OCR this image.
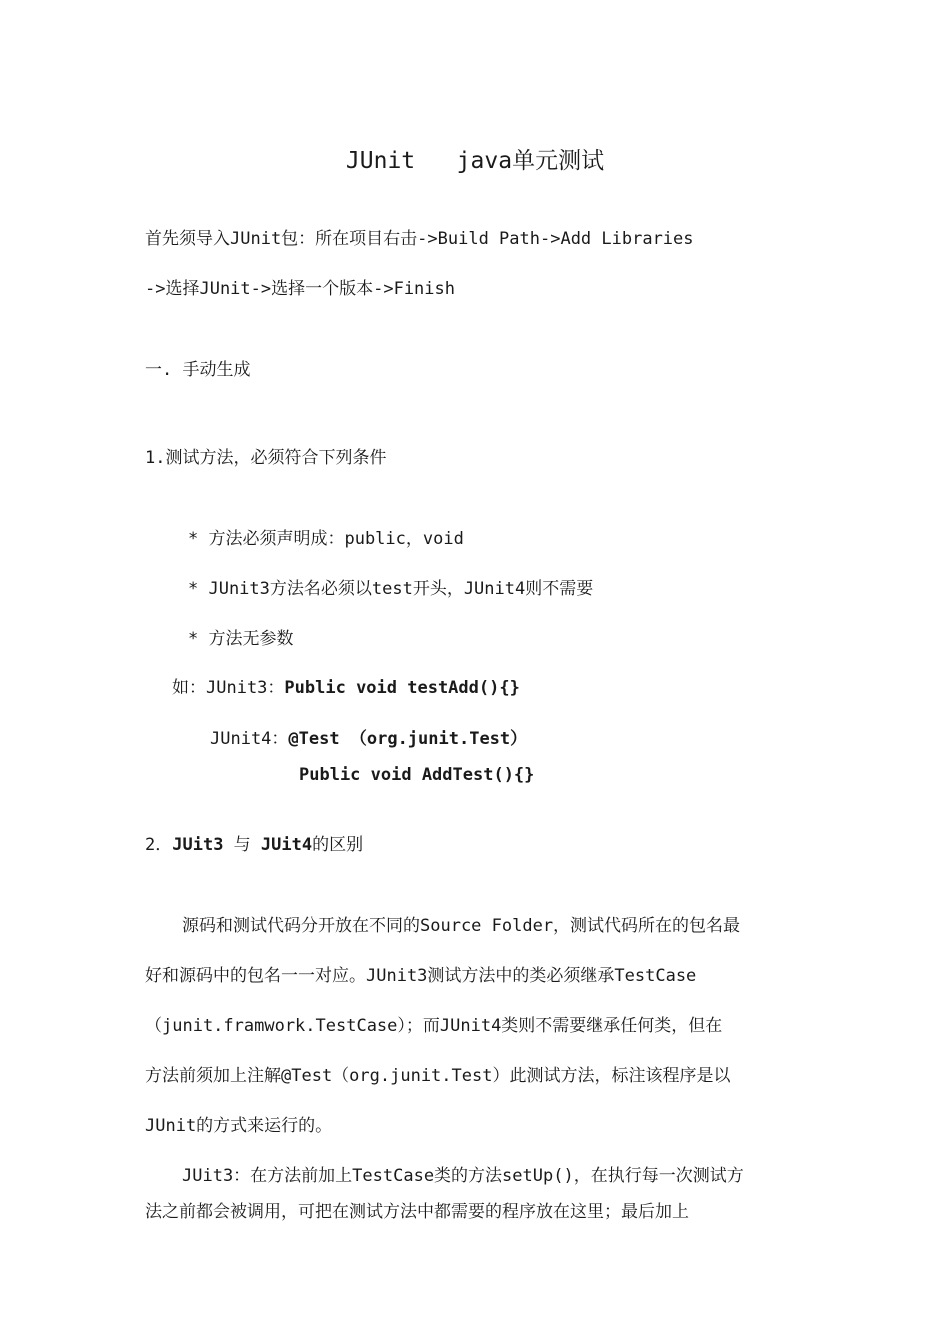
JUnit   java单元测试
首先须导入JUnit包：所在项目右击->Build Path->Add Libraries
->选择JUnit->选择一个版本->Finish
一. 手动生成
1.测试方法，必须符合下列条件
* 方法必须声明成：public，void
* JUnit3方法名必须以test开头，JUnit4则不需要
* 方法无参数
如：JUnit3：Public void testAdd(){}
JUnit4：@Test （org.junit.Test）
Public void AddTest(){}
2．JUit3 与 JUit4的区别
源码和测试代码分开放在不同的Source Folder，测试代码所在的包名最
好和源码中的包名一一对应。JUnit3测试方法中的类必须继承TestCase
（junit.framwork.TestCase）；而JUnit4类则不需要继承任何类，但在
方法前须加上注解@Test（org.junit.Test）此测试方法，标注该程序是以
JUnit的方式来运行的。
JUit3：在方法前加上TestCase类的方法setUp()，在执行每一次测试方
法之前都会被调用，可把在测试方法中都需要的程序放在这里；最后加上
